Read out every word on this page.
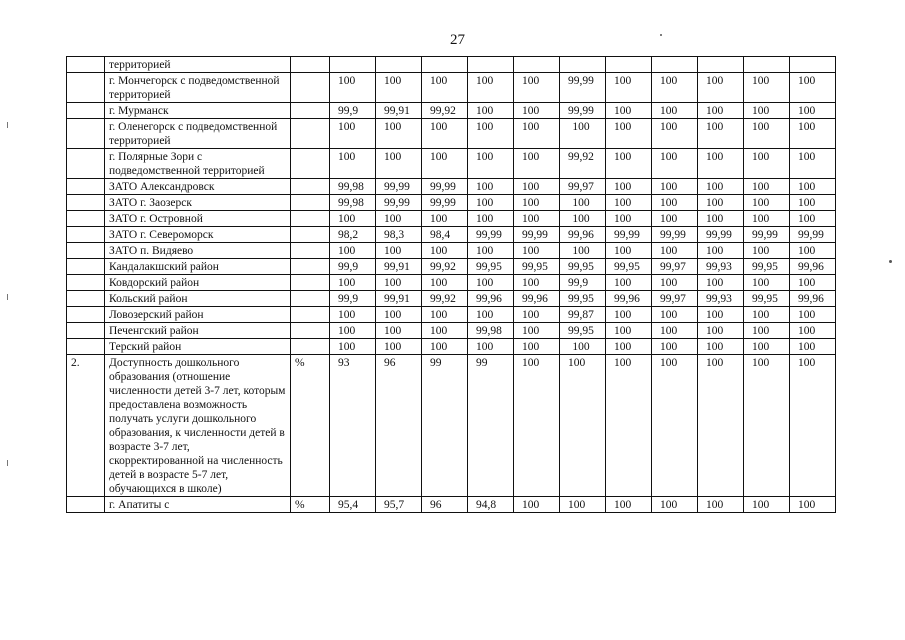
27
	территорией												
	г. Мончегорск с подведомственной территорией		100	100	100	100	100	99,99	100	100	100	100	100
	г. Мурманск		99,9	99,91	99,92	100	100	99,99	100	100	100	100	100
	г. Оленегорск с подведомственной территорией		100	100	100	100	100	100	100	100	100	100	100
	г. Полярные Зори с подведомственной территорией		100	100	100	100	100	99,92	100	100	100	100	100
	ЗАТО Александровск		99,98	99,99	99,99	100	100	99,97	100	100	100	100	100
	ЗАТО г. Заозерск		99,98	99,99	99,99	100	100	100	100	100	100	100	100
	ЗАТО г. Островной		100	100	100	100	100	100	100	100	100	100	100
	ЗАТО г. Североморск		98,2	98,3	98,4	99,99	99,99	99,96	99,99	99,99	99,99	99,99	99,99
	ЗАТО п. Видяево		100	100	100	100	100	100	100	100	100	100	100
	Кандалакшский район		99,9	99,91	99,92	99,95	99,95	99,95	99,95	99,97	99,93	99,95	99,96
	Ковдорский район		100	100	100	100	100	99,9	100	100	100	100	100
	Кольский район		99,9	99,91	99,92	99,96	99,96	99,95	99,96	99,97	99,93	99,95	99,96
	Ловозерский район		100	100	100	100	100	99,87	100	100	100	100	100
	Печенгский район		100	100	100	99,98	100	99,95	100	100	100	100	100
	Терский район		100	100	100	100	100	100	100	100	100	100	100
2.	Доступность дошкольного образования (отношение численности детей 3-7 лет, которым предоставлена возможность получать услуги дошкольного образования, к численности детей в возрасте 3-7 лет, скорректированной на численность детей в возрасте 5-7 лет, обучающихся в школе)	%	93	96	99	99	100	100	100	100	100	100	100
	г. Апатиты с	%	95,4	95,7	96	94,8	100	100	100	100	100	100	100
